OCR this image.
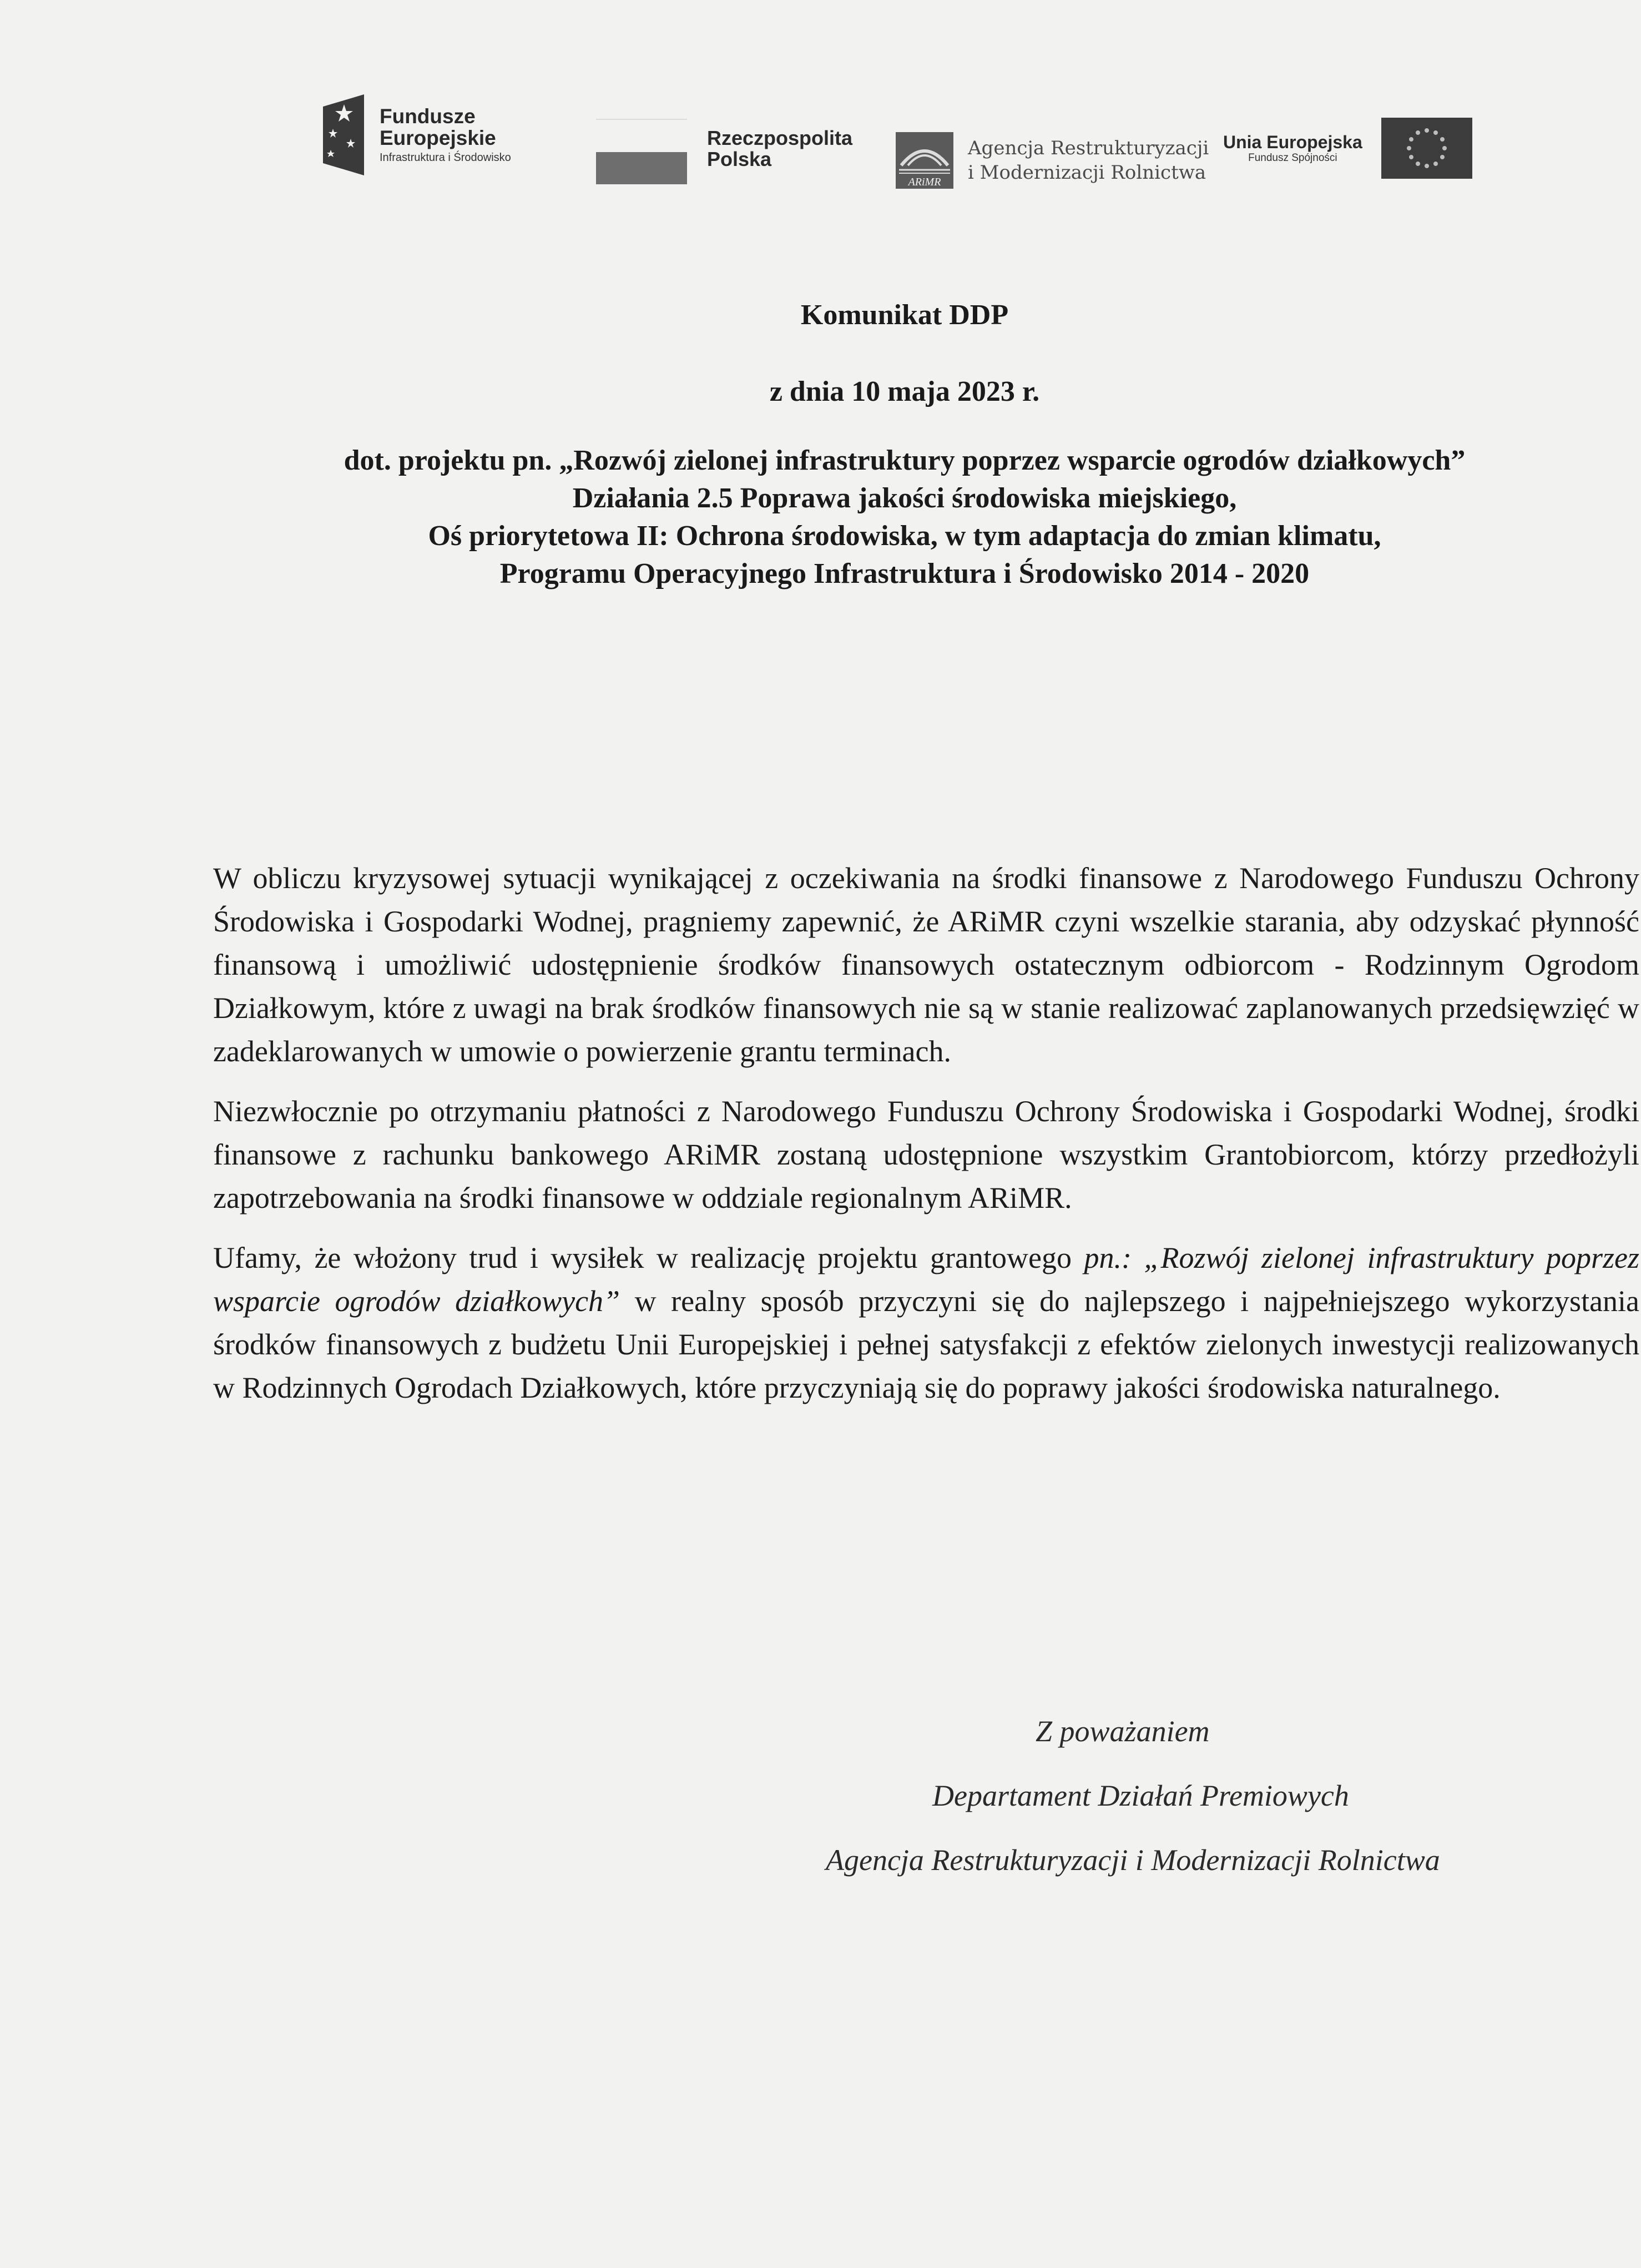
Fundusze
Europejskie
Infrastruktura i Środowisko
Rzeczpospolita
Polska
ARiMR
Agencja Restrukturyzacji
i Modernizacji Rolnictwa
Unia Europejska
Fundusz Spójności
Komunikat DDP
z dnia 10 maja 2023 r.
dot. projektu pn. „Rozwój zielonej infrastruktury poprzez wsparcie ogrodów działkowych”
Działania 2.5 Poprawa jakości środowiska miejskiego,
Oś priorytetowa II: Ochrona środowiska, w tym adaptacja do zmian klimatu,
Programu Operacyjnego Infrastruktura i Środowisko 2014 - 2020

W obliczu kryzysowej sytuacji wynikającej z oczekiwania na środki finansowe z Narodowego Funduszu Ochrony Środowiska i Gospodarki Wodnej, pragniemy zapewnić, że ARiMR czyni wszelkie starania, aby odzyskać płynność finansową i umożliwić udostępnienie środków finansowych ostatecznym odbiorcom - Rodzinnym Ogrodom Działkowym, które z uwagi na brak środków finansowych nie są w stanie realizować zaplanowanych przedsięwzięć w zadeklarowanych w umowie o powierzenie grantu terminach.

Niezwłocznie po otrzymaniu płatności z Narodowego Funduszu Ochrony Środowiska i Gospodarki Wodnej, środki finansowe z rachunku bankowego ARiMR zostaną udostępnione wszystkim Grantobiorcom, którzy przedłożyli zapotrzebowania na środki finansowe w oddziale regionalnym ARiMR.

Ufamy, że włożony trud i wysiłek w realizację projektu grantowego pn.: „Rozwój zielonej infrastruktury poprzez wsparcie ogrodów działkowych” w realny sposób przyczyni się do najlepszego i najpełniejszego wykorzystania środków finansowych z budżetu Unii Europejskiej i pełnej satysfakcji z efektów zielonych inwestycji realizowanych w Rodzinnych Ogrodach Działkowych, które przyczyniają się do poprawy jakości środowiska naturalnego.

Z poważaniem
Departament Działań Premiowych
Agencja Restrukturyzacji i Modernizacji Rolnictwa
